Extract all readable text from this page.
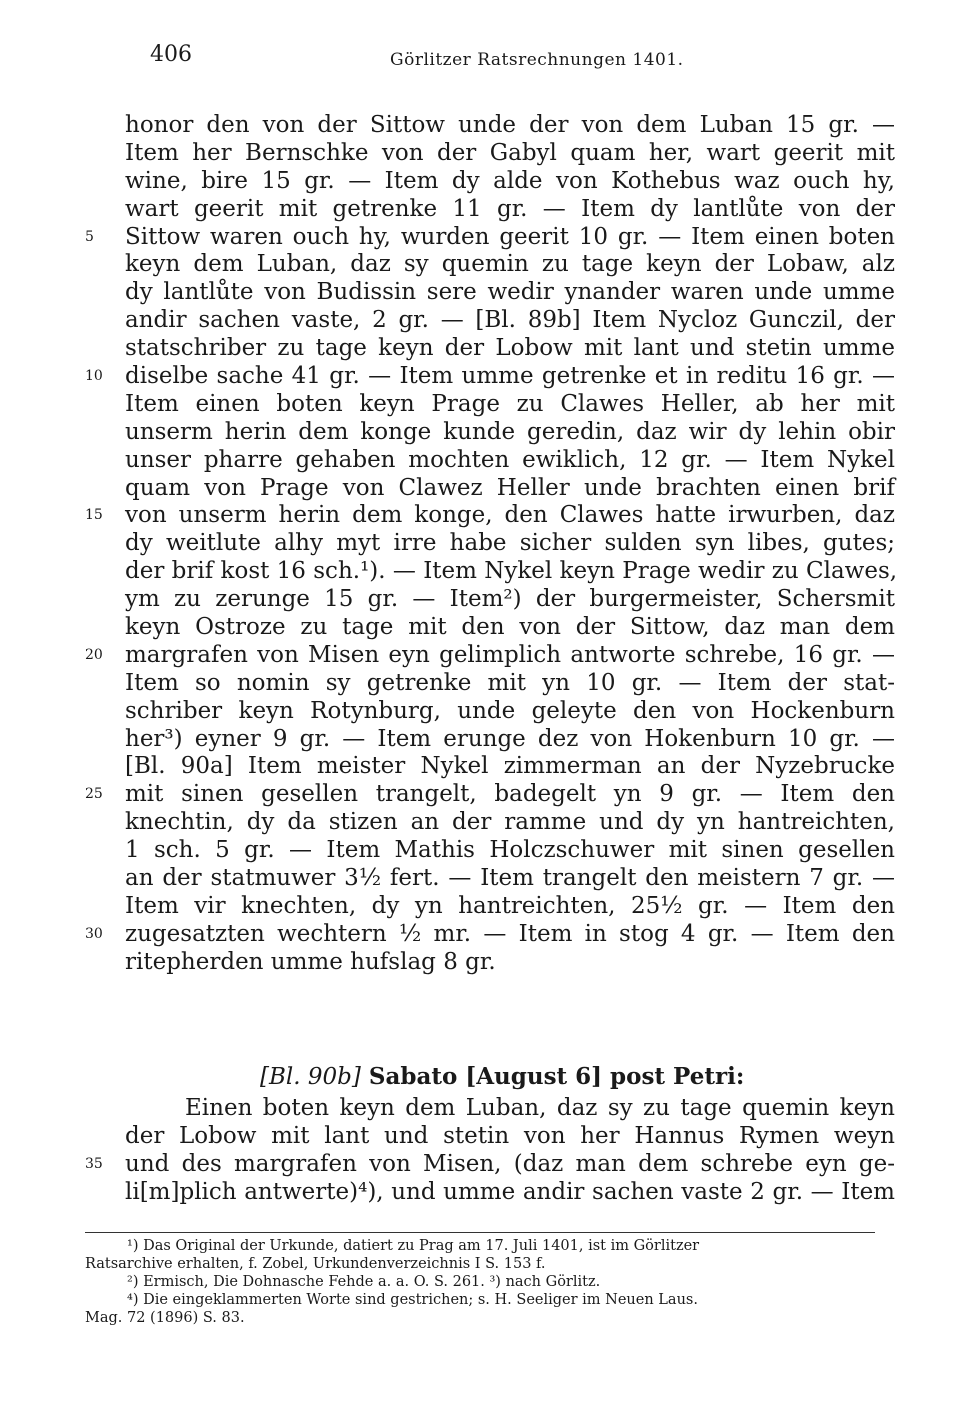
406	Görlitzer Ratsrechnungen 1401.
honor den von der Sittow unde der von dem Luban 15 gr. —
Item her Bernschke von der Gabyl quam her, wart geerit mit
wine, bire 15 gr. — Item dy alde von Kothebus waz ouch hy,
wart geerit mit getrenke 11 gr. — Item dy lantlůte von der
5 Sittow waren ouch hy, wurden geerit 10 gr. — Item einen boten
keyn dem Luban, daz sy quemin zu tage keyn der Lobaw, alz
dy lantlůte von Budissin sere wedir ynander waren unde umme
andir sachen vaste, 2 gr. — [Bl. 89b] Item Nycloz Gunczil, der
statschriber zu tage keyn der Lobow mit lant und stetin umme
10 diselbe sache 41 gr. — Item umme getrenke et in reditu 16 gr. —
Item einen boten keyn Prage zu Clawes Heller, ab her mit
unserm herin dem konge kunde geredin, daz wir dy lehin obir
unser pharre gehaben mochten ewiklich, 12 gr. — Item Nykel
quam von Prage von Clawez Heller unde brachten einen brif
15 von unserm herin dem konge, den Clawes hatte irwurben, daz
dy weitlute alhy myt irre habe sicher sulden syn libes, gutes;
der brif kost 16 sch.¹). — Item Nykel keyn Prage wedir zu Clawes,
ym zu zerunge 15 gr. — Item²) der burgermeister, Schersmit
keyn Ostroze zu tage mit den von der Sittow, daz man dem
20 margrafen von Misen eyn gelimplich antworte schrebe, 16 gr. —
Item so nomin sy getrenke mit yn 10 gr. — Item der stat-
schriber keyn Rotynburg, unde geleyte den von Hockenburn
her³) eyner 9 gr. — Item erunge dez von Hokenburn 10 gr. —
[Bl. 90a] Item meister Nykel zimmerman an der Nyzebrucke
25 mit sinen gesellen trangelt, badegelt yn 9 gr. — Item den
knechtin, dy da stizen an der ramme und dy yn hantreichten,
1 sch. 5 gr. — Item Mathis Holczschuwer mit sinen gesellen
an der statmuwer 3½ fert. — Item trangelt den meistern 7 gr. —
Item vir knechten, dy yn hantreichten, 25½ gr. — Item den
30 zugesatzten wechtern ½ mr. — Item in stog 4 gr. — Item den
ritepherden umme hufslag 8 gr.
[Bl. 90b] Sabato [August 6] post Petri:
Einen boten keyn dem Luban, daz sy zu tage quemin keyn
der Lobow mit lant und stetin von her Hannus Rymen weyn
35 und des margrafen von Misen, (daz man dem schrebe eyn ge-
li[m]plich antwerte)⁴), und umme andir sachen vaste 2 gr. — Item
¹) Das Original der Urkunde, datiert zu Prag am 17. Juli 1401, ist im Görlitzer
Ratsarchive erhalten, f. Zobel, Urkundenverzeichnis I S. 153 f.
²) Ermisch, Die Dohnasche Fehde a. a. O. S. 261. ³) nach Görlitz.
⁴) Die eingeklammerten Worte sind gestrichen; s. H. Seeliger im Neuen Laus.
Mag. 72 (1896) S. 83.
